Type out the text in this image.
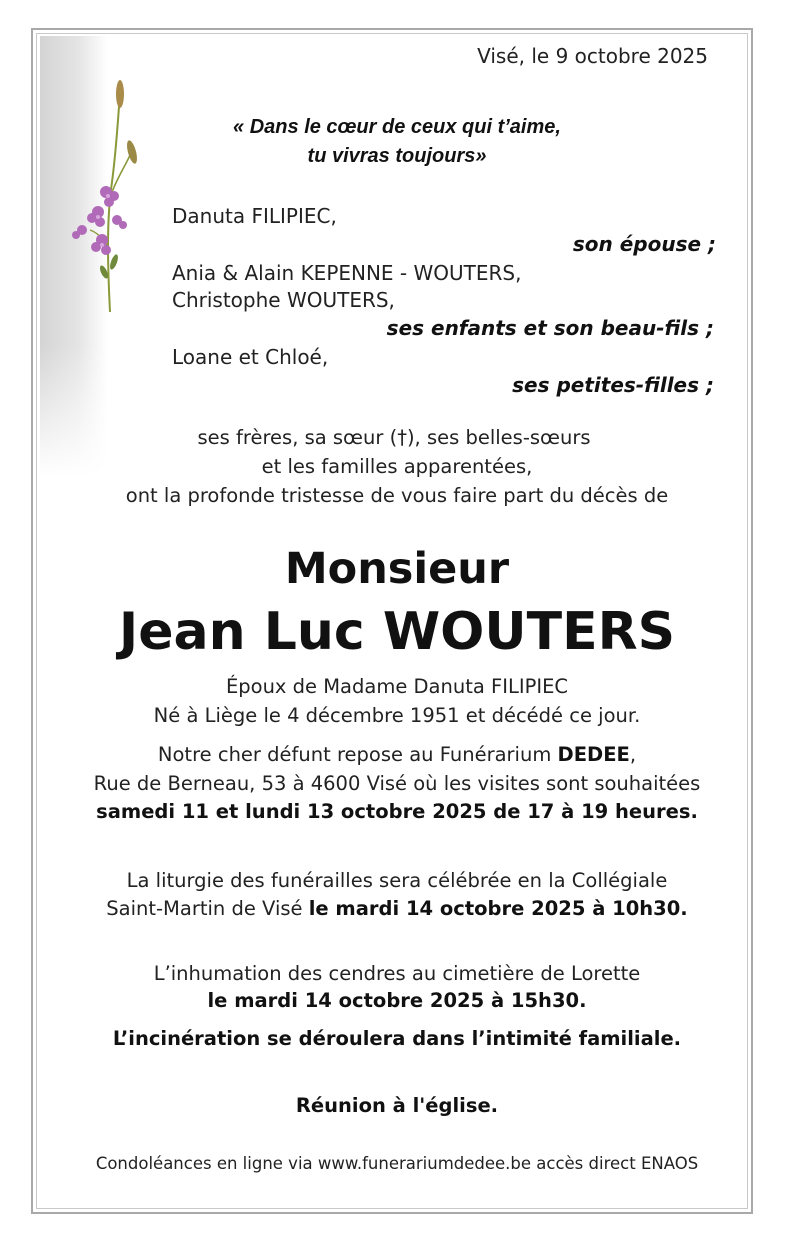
Visé, le 9 octobre 2025
« Dans le cœur de ceux qui t’aime,
tu vivras toujours»
Danuta FILIPIEC,
son épouse ;
Ania & Alain KEPENNE - WOUTERS,
Christophe WOUTERS,
ses enfants et son beau-fils ;
Loane et Chloé,
ses petites-filles ;
ses frères, sa sœur (†), ses belles-sœurs
et les familles apparentées,
ont la profonde tristesse de vous faire part du décès de
Monsieur
Jean Luc WOUTERS
Époux de Madame Danuta FILIPIEC
Né à Liège le 4 décembre 1951 et décédé ce jour.
Notre cher défunt repose au Funérarium DEDEE,
Rue de Berneau, 53 à 4600 Visé où les visites sont souhaitées
samedi 11 et lundi 13 octobre 2025 de 17 à 19 heures.
La liturgie des funérailles sera célébrée en la Collégiale
Saint-Martin de Visé le mardi 14 octobre 2025 à 10h30.
L’inhumation des cendres au cimetière de Lorette
le mardi 14 octobre 2025 à 15h30.
L’incinération se déroulera dans l’intimité familiale.
Réunion à l'église.
Condoléances en ligne via www.funerariumdedee.be accès direct ENAOS
